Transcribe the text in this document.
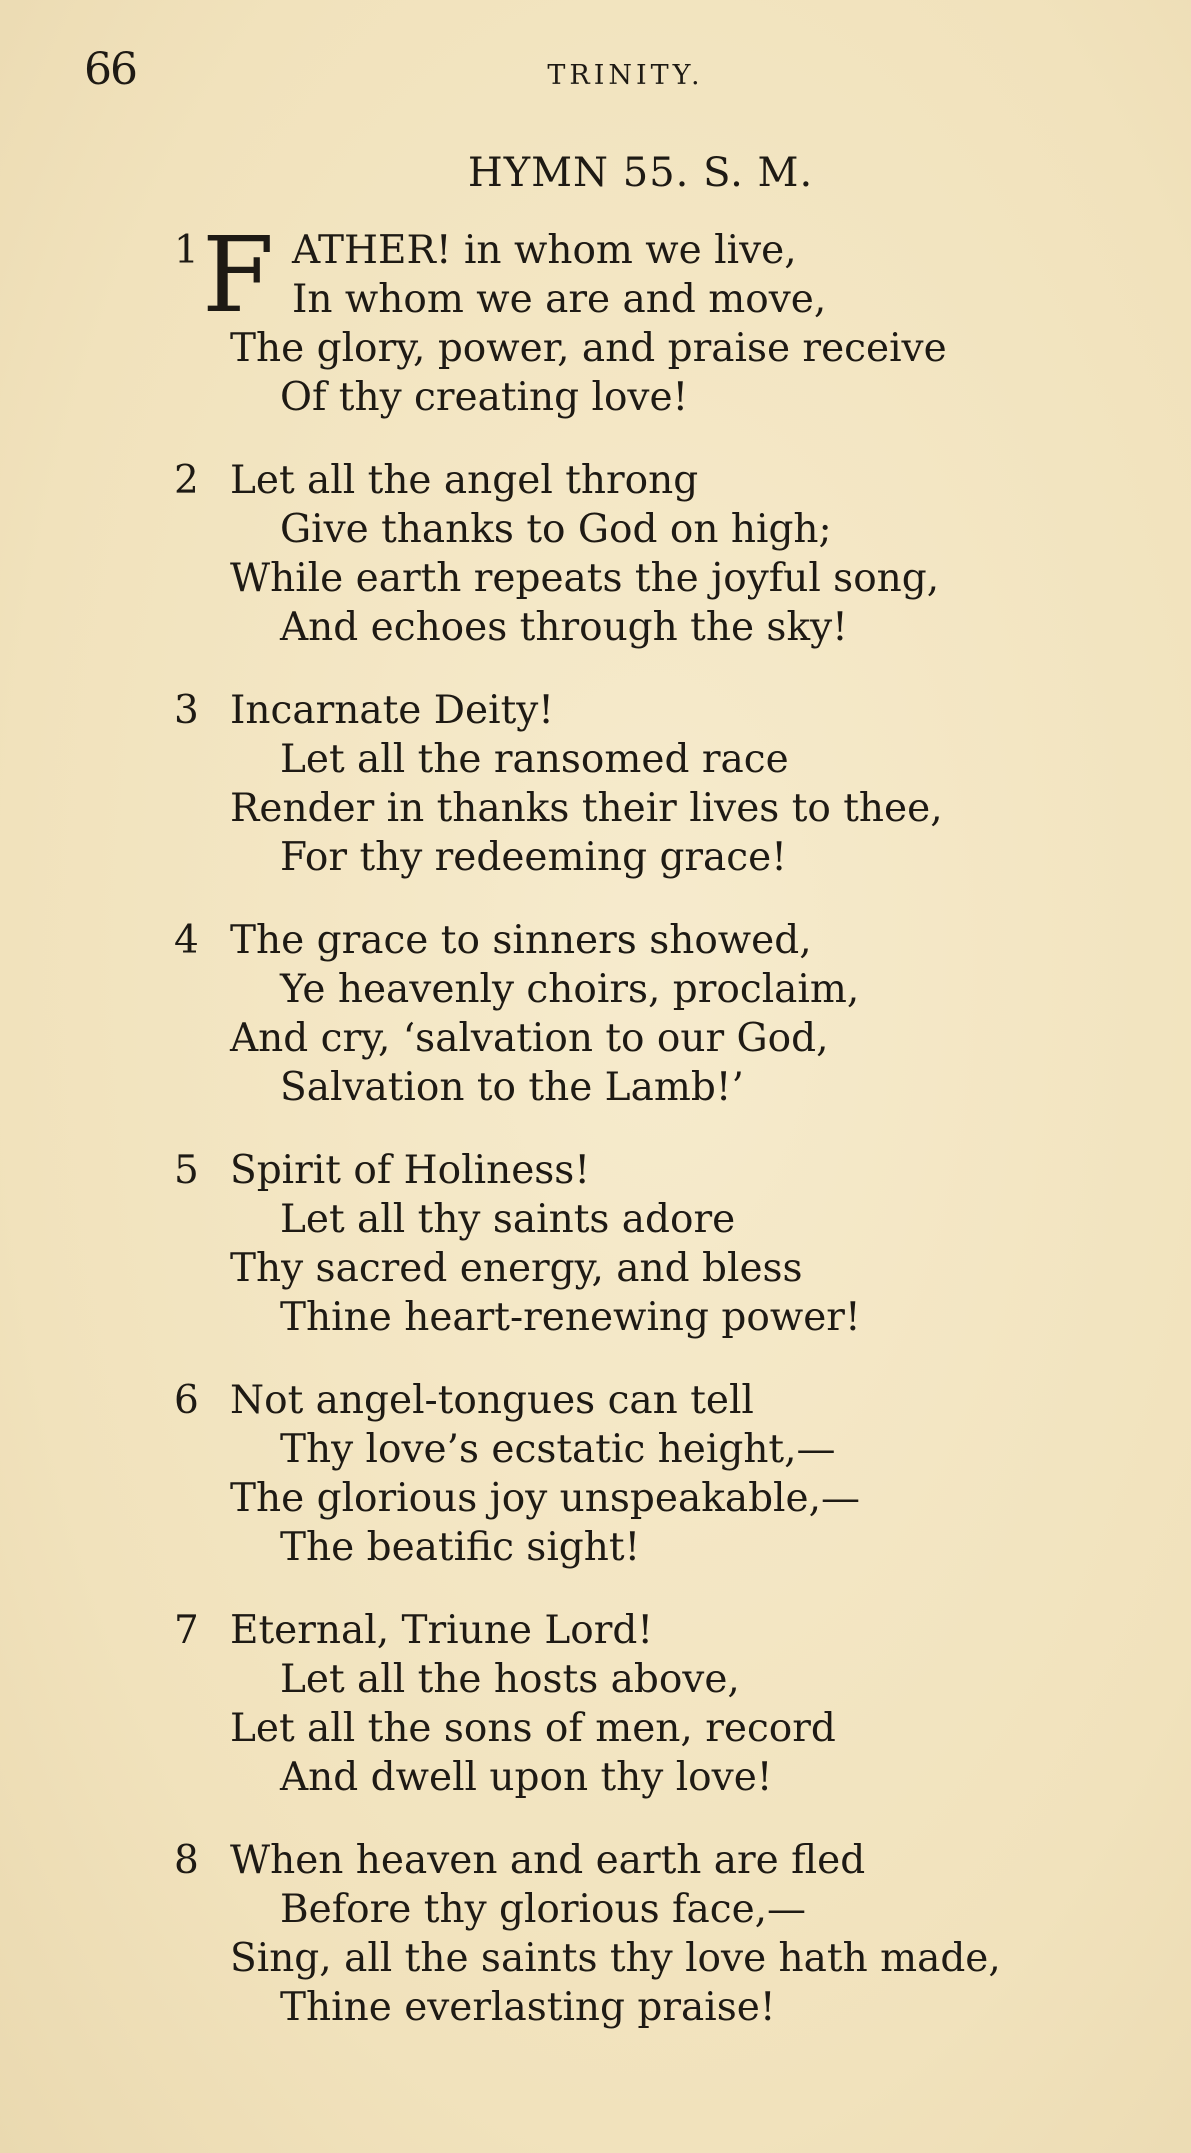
66	TRINITY.
HYMN 55. S. M.
1 F ATHER! in whom we live,
In whom we are and move,
The glory, power, and praise receive
Of thy creating love!
2 Let all the angel throng
Give thanks to God on high;
While earth repeats the joyful song,
And echoes through the sky!
3 Incarnate Deity!
Let all the ransomed race
Render in thanks their lives to thee,
For thy redeeming grace!
4 The grace to sinners showed,
Ye heavenly choirs, proclaim,
And cry, ‘salvation to our God,
Salvation to the Lamb!’
5 Spirit of Holiness!
Let all thy saints adore
Thy sacred energy, and bless
Thine heart-renewing power!
6 Not angel-tongues can tell
Thy love’s ecstatic height,—
The glorious joy unspeakable,—
The beatific sight!
7 Eternal, Triune Lord!
Let all the hosts above,
Let all the sons of men, record
And dwell upon thy love!
8 When heaven and earth are fled
Before thy glorious face,—
Sing, all the saints thy love hath made,
Thine everlasting praise!
